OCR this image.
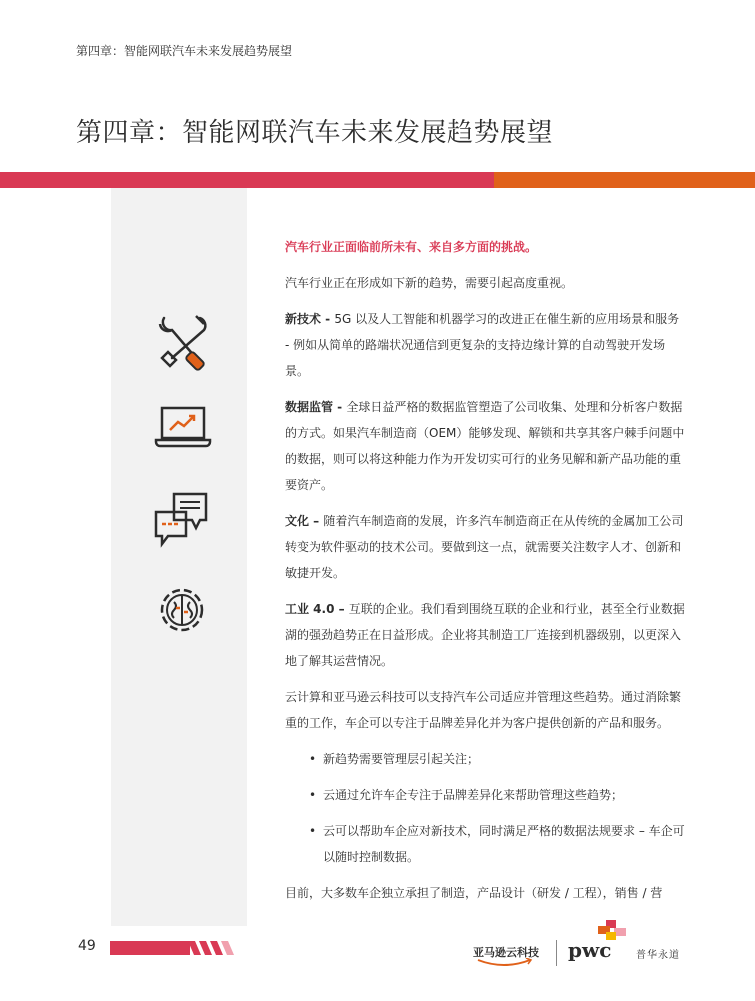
第四章：智能网联汽车未来发展趋势展望
第四章：智能网联汽车未来发展趋势展望

汽车行业正面临前所未有、来自多方面的挑战。

汽车行业正在形成如下新的趋势，需要引起高度重视。

新技术 - 5G 以及人工智能和机器学习的改进正在催生新的应用场景和服务 - 例如从简单的路端状况通信到更复杂的支持边缘计算的自动驾驶开发场景。

数据监管 - 全球日益严格的数据监管塑造了公司收集、处理和分析客户数据的方式。如果汽车制造商（OEM）能够发现、解锁和共享其客户棘手问题中的数据，则可以将这种能力作为开发切实可行的业务见解和新产品功能的重要资产。

文化 – 随着汽车制造商的发展，许多汽车制造商正在从传统的金属加工公司转变为软件驱动的技术公司。要做到这一点，就需要关注数字人才、创新和敏捷开发。

工业 4.0 – 互联的企业。我们看到围绕互联的企业和行业，甚至全行业数据湖的强劲趋势正在日益形成。企业将其制造工厂连接到机器级别，以更深入地了解其运营情况。

云计算和亚马逊云科技可以支持汽车公司适应并管理这些趋势。通过消除繁重的工作，车企可以专注于品牌差异化并为客户提供创新的产品和服务。

• 新趋势需要管理层引起关注；
• 云通过允许车企专注于品牌差异化来帮助管理这些趋势；
• 云可以帮助车企应对新技术，同时满足严格的数据法规要求 – 车企可以随时控制数据。

目前，大多数车企独立承担了制造，产品设计（研发 / 工程），销售 / 营

49	亚马逊云科技 pwc 普华永道
